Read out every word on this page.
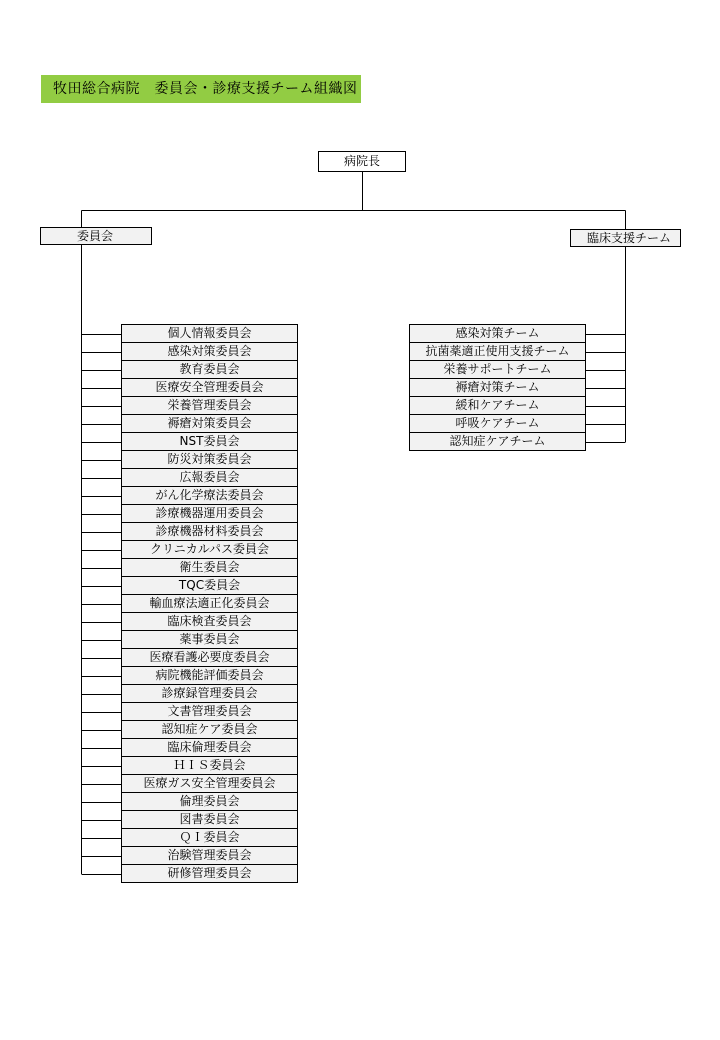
牧田総合病院　委員会・診療支援チーム組織図
病院長
委員会	臨床支援チーム
個人情報委員会
感染対策委員会
教育委員会
医療安全管理委員会
栄養管理委員会
褥瘡対策委員会
NST委員会
防災対策委員会
広報委員会
がん化学療法委員会
診療機器運用委員会
診療機器材料委員会
クリニカルパス委員会
衛生委員会
TQC委員会
輸血療法適正化委員会
臨床検査委員会
薬事委員会
医療看護必要度委員会
病院機能評価委員会
診療録管理委員会
文書管理委員会
認知症ケア委員会
臨床倫理委員会
ＨＩＳ委員会
医療ガス安全管理委員会
倫理委員会
図書委員会
ＱＩ委員会
治験管理委員会
研修管理委員会
感染対策チーム
抗菌薬適正使用支援チーム
栄養サポートチーム
褥瘡対策チーム
緩和ケアチーム
呼吸ケアチーム
認知症ケアチーム
